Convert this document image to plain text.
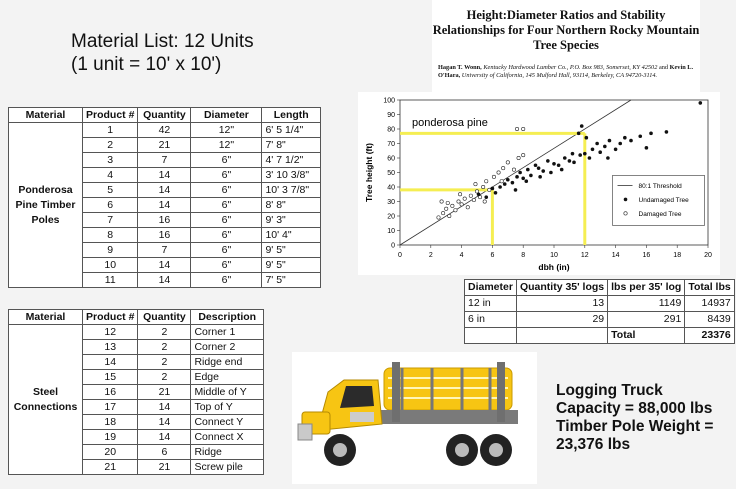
Material List: 12 Units
(1 unit = 10' x 10')
Material	Product #	Quantity	Diameter	Length
Ponderosa Pine Timber Poles	1	42	12"	6' 5 1/4"
	2	21	12"	7' 8"
	3	7	6"	4' 7 1/2"
	4	14	6"	3' 10 3/8"
	5	14	6"	10' 3 7/8"
	6	14	6"	8' 8"
	7	16	6"	9' 3"
	8	16	6"	10' 4"
	9	7	6"	9' 5"
	10	14	6"	9' 5"
	11	14	6"	7' 5"
Material	Product #	Quantity	Description
Steel Connections	12	2	Corner 1
	13	2	Corner 2
	14	2	Ridge end
	15	2	Edge
	16	21	Middle of Y
	17	14	Top of Y
	18	14	Connect Y
	19	14	Connect X
	20	6	Ridge
	21	21	Screw pile
Height:Diameter Ratios and Stability Relationships for Four Northern Rocky Mountain Tree Species
Hagan T. Wonn, Kentucky Hardwood Lumber Co., P.O. Box 983, Somerset, KY 42502 and Kevin L. O'Hara, University of California, 145 Mulford Hall, 93114, Berkeley, CA 94720-3114.
0	2	4	6	8	10	12	14	16	18	20
0
10
20
30
40
50
60
70
80
90
100
dbh (in)
Tree height (ft)
ponderosa pine
80:1 Threshold
Undamaged Tree
Damaged Tree
Diameter	Quantity 35' logs	lbs per 35' log	Total lbs
12 in	13	1149	14937
6 in	29	291	8439
		Total	23376
Logging Truck
Capacity = 88,000 lbs
Timber Pole Weight =
23,376 lbs
